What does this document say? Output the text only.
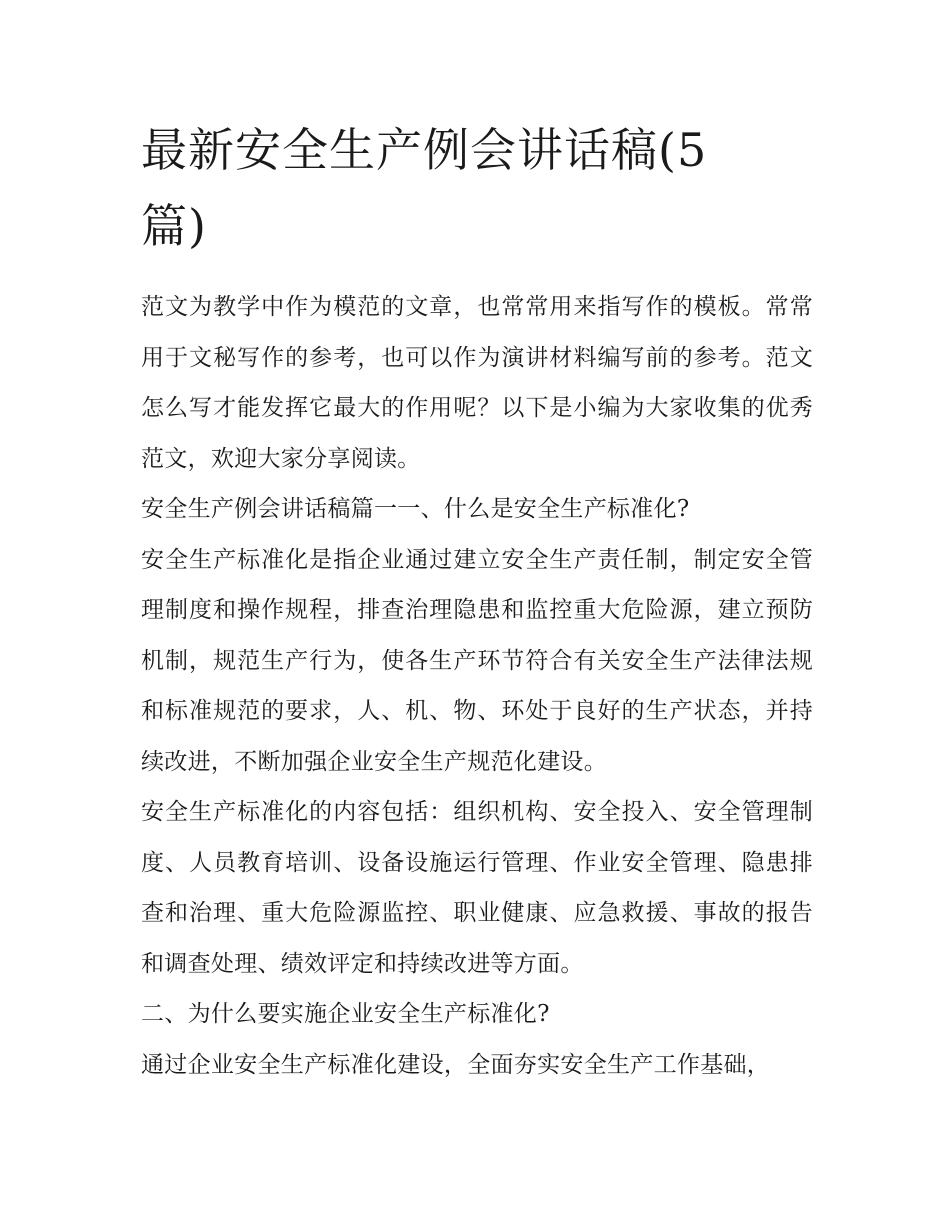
最新安全生产例会讲话稿(5篇)

范文为教学中作为模范的文章，也常常用来指写作的模板。常常用于文秘写作的参考，也可以作为演讲材料编写前的参考。范文怎么写才能发挥它最大的作用呢？以下是小编为大家收集的优秀范文，欢迎大家分享阅读。

安全生产例会讲话稿篇一一、什么是安全生产标准化?

安全生产标准化是指企业通过建立安全生产责任制，制定安全管理制度和操作规程，排查治理隐患和监控重大危险源，建立预防机制，规范生产行为，使各生产环节符合有关安全生产法律法规和标准规范的要求，人、机、物、环处于良好的生产状态，并持续改进，不断加强企业安全生产规范化建设。

安全生产标准化的内容包括：组织机构、安全投入、安全管理制度、人员教育培训、设备设施运行管理、作业安全管理、隐患排查和治理、重大危险源监控、职业健康、应急救援、事故的报告和调查处理、绩效评定和持续改进等方面。

二、为什么要实施企业安全生产标准化?

通过企业安全生产标准化建设，全面夯实安全生产工作基础，
